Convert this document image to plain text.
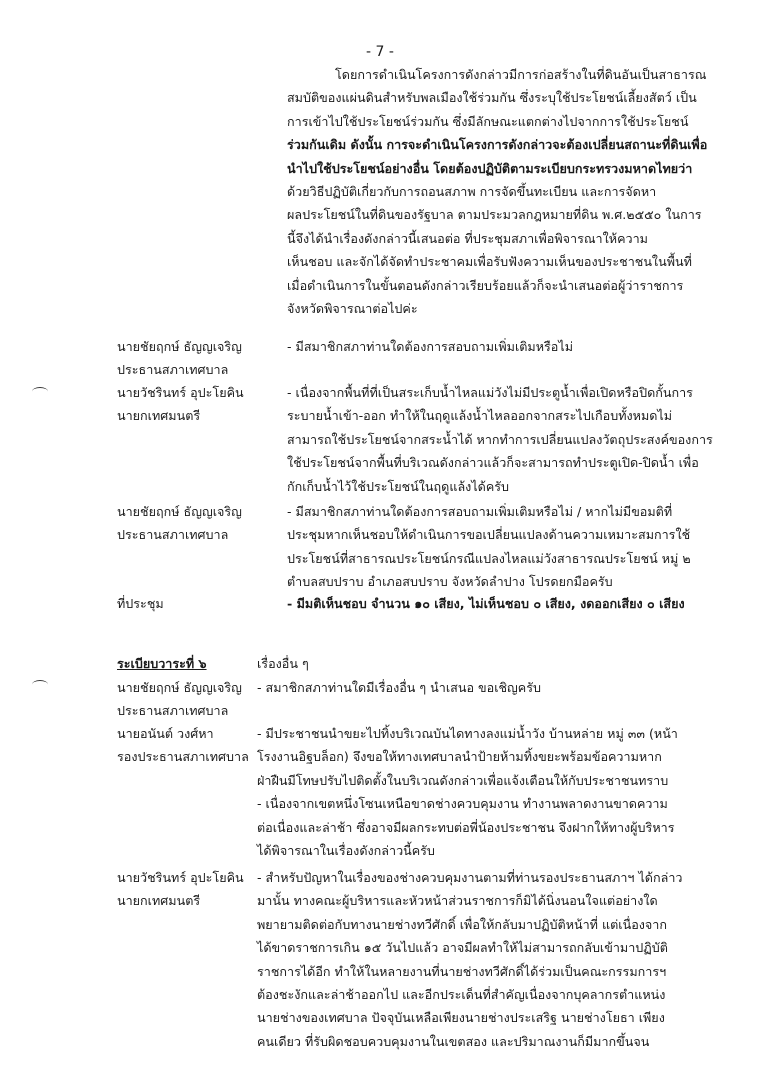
- 7 -
โดยการดำเนินโครงการดังกล่าวมีการก่อสร้างในที่ดินอันเป็นสาธารณ
สมบัติของแผ่นดินสำหรับพลเมืองใช้ร่วมกัน ซึ่งระบุใช้ประโยชน์เลี้ยงสัตว์ เป็น
การเข้าไปใช้ประโยชน์ร่วมกัน ซึ่งมีลักษณะแตกต่างไปจากการใช้ประโยชน์
ร่วมกันเดิม ดังนั้น การจะดำเนินโครงการดังกล่าวจะต้องเปลี่ยนสถานะที่ดินเพื่อ
นำไปใช้ประโยชน์อย่างอื่น โดยต้องปฏิบัติตามระเบียบกระทรวงมหาดไทยว่า
ด้วยวิธีปฏิบัติเกี่ยวกับการถอนสภาพ การจัดขึ้นทะเบียน และการจัดหา
ผลประโยชน์ในที่ดินของรัฐบาล ตามประมวลกฎหมายที่ดิน พ.ศ.๒๕๕๐ ในการ
นี้จึงได้นำเรื่องดังกล่าวนี้เสนอต่อ ที่ประชุมสภาเพื่อพิจารณาให้ความ
เห็นชอบ และจักได้จัดทำประชาคมเพื่อรับฟังความเห็นของประชาชนในพื้นที่
เมื่อดำเนินการในขั้นตอนดังกล่าวเรียบร้อยแล้วก็จะนำเสนอต่อผู้ว่าราชการ
จังหวัดพิจารณาต่อไปค่ะ
นายชัยฤกษ์ ธัญญเจริญ
ประธานสภาเทศบาล
- มีสมาชิกสภาท่านใดต้องการสอบถามเพิ่มเติมหรือไม่
นายวัชรินทร์ อุปะโยคิน
นายกเทศมนตรี
- เนื่องจากพื้นที่ที่เป็นสระเก็บน้ำไหลแม่วังไม่มีประตูน้ำเพื่อเปิดหรือปิดกั้นการ
ระบายน้ำเข้า-ออก ทำให้ในฤดูแล้งน้ำไหลออกจากสระไปเกือบทั้งหมดไม่
สามารถใช้ประโยชน์จากสระน้ำได้ หากทำการเปลี่ยนแปลงวัตถุประสงค์ของการ
ใช้ประโยชน์จากพื้นที่บริเวณดังกล่าวแล้วก็จะสามารถทำประตูเปิด-ปิดน้ำ เพื่อ
กักเก็บน้ำไว้ใช้ประโยชน์ในฤดูแล้งได้ครับ
นายชัยฤกษ์ ธัญญเจริญ
ประธานสภาเทศบาล
- มีสมาชิกสภาท่านใดต้องการสอบถามเพิ่มเติมหรือไม่ / หากไม่มีขอมติที่
ประชุมหากเห็นชอบให้ดำเนินการขอเปลี่ยนแปลงด้านความเหมาะสมการใช้
ประโยชน์ที่สาธารณประโยชน์กรณีแปลงไหลแม่วังสาธารณประโยชน์ หมู่ ๒
ตำบลสบปราบ อำเภอสบปราบ จังหวัดลำปาง โปรดยกมือครับ
ที่ประชุม	- มีมติเห็นชอบ จำนวน ๑๐ เสียง, ไม่เห็นชอบ ๐ เสียง, งดออกเสียง ๐ เสียง
ระเบียบวาระที่ ๖	เรื่องอื่น ๆ
นายชัยฤกษ์ ธัญญเจริญ
ประธานสภาเทศบาล
- สมาชิกสภาท่านใดมีเรื่องอื่น ๆ นำเสนอ ขอเชิญครับ
นายอนันต์ วงศ์หา
รองประธานสภาเทศบาล
- มีประชาชนนำขยะไปทิ้งบริเวณบันไดทางลงแม่น้ำวัง บ้านหล่าย หมู่ ๓๓ (หน้า
โรงงานอิฐบล็อก) จึงขอให้ทางเทศบาลนำป้ายห้ามทิ้งขยะพร้อมข้อความหาก
ฝ่าฝืนมีโทษปรับไปติดตั้งในบริเวณดังกล่าวเพื่อแจ้งเตือนให้กับประชาชนทราบ
- เนื่องจากเขตหนึ่งโซนเหนือขาดช่างควบคุมงาน ทำงานพลาดงานขาดความ
ต่อเนื่องและล่าช้า ซึ่งอาจมีผลกระทบต่อพี่น้องประชาชน จึงฝากให้ทางผู้บริหาร
ได้พิจารณาในเรื่องดังกล่าวนี้ครับ
นายวัชรินทร์ อุปะโยคิน
นายกเทศมนตรี
- สำหรับปัญหาในเรื่องของช่างควบคุมงานตามที่ท่านรองประธานสภาฯ ได้กล่าว
มานั้น ทางคณะผู้บริหารและหัวหน้าส่วนราชการก็มิได้นิ่งนอนใจแต่อย่างใด
พยายามติดต่อกับทางนายช่างทวีศักดิ์ เพื่อให้กลับมาปฏิบัติหน้าที่ แต่เนื่องจาก
ได้ขาดราชการเกิน ๑๕ วันไปแล้ว อาจมีผลทำให้ไม่สามารถกลับเข้ามาปฏิบัติ
ราชการได้อีก ทำให้ในหลายงานที่นายช่างทวีศักดิ์ได้ร่วมเป็นคณะกรรมการฯ
ต้องชะงักและล่าช้าออกไป และอีกประเด็นที่สำคัญเนื่องจากบุคลากรตำแหน่ง
นายช่างของเทศบาล ปัจจุบันเหลือเพียงนายช่างประเสริฐ นายช่างโยธา เพียง
คนเดียว ที่รับผิดชอบควบคุมงานในเขตสอง และปริมาณงานก็มีมากขึ้นจน
